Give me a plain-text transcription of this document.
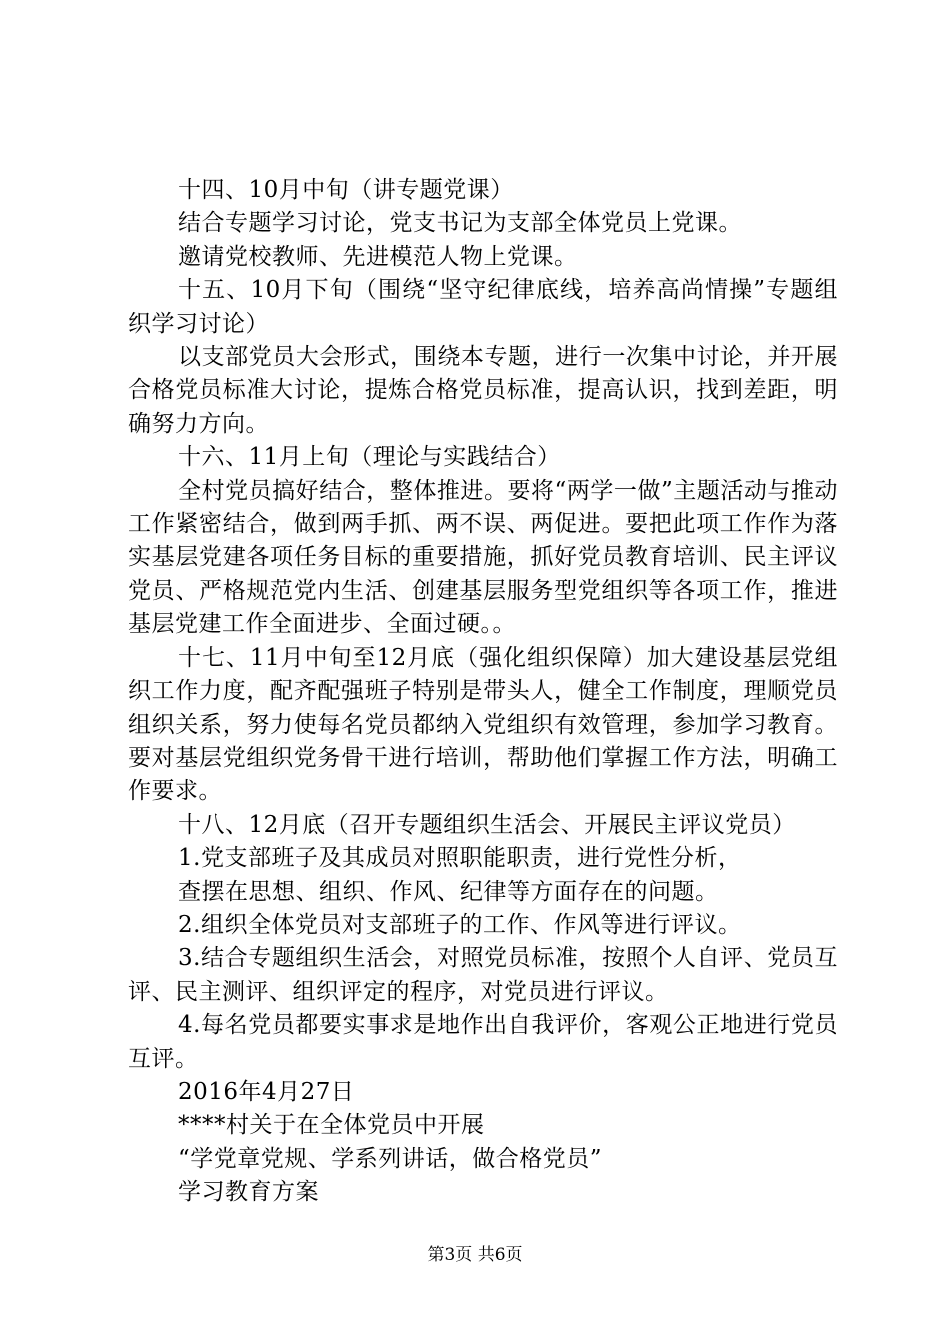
十四、10月中旬（讲专题党课）

结合专题学习讨论，党支书记为支部全体党员上党课。

邀请党校教师、先进模范人物上党课。

十五、10月下旬（围绕“坚守纪律底线，培养高尚情操”专题组织学习讨论）

以支部党员大会形式，围绕本专题，进行一次集中讨论，并开展合格党员标准大讨论，提炼合格党员标准，提高认识，找到差距，明确努力方向。

十六、11月上旬（理论与实践结合）

全村党员搞好结合，整体推进。要将“两学一做”主题活动与推动工作紧密结合，做到两手抓、两不误、两促进。要把此项工作作为落实基层党建各项任务目标的重要措施，抓好党员教育培训、民主评议党员、严格规范党内生活、创建基层服务型党组织等各项工作，推进基层党建工作全面进步、全面过硬。。

十七、11月中旬至12月底（强化组织保障）加大建设基层党组织工作力度，配齐配强班子特别是带头人，健全工作制度，理顺党员组织关系，努力使每名党员都纳入党组织有效管理，参加学习教育。要对基层党组织党务骨干进行培训，帮助他们掌握工作方法，明确工作要求。

十八、12月底（召开专题组织生活会、开展民主评议党员）

1.党支部班子及其成员对照职能职责，进行党性分析，

查摆在思想、组织、作风、纪律等方面存在的问题。

2.组织全体党员对支部班子的工作、作风等进行评议。

3.结合专题组织生活会，对照党员标准，按照个人自评、党员互评、民主测评、组织评定的程序，对党员进行评议。

4.每名党员都要实事求是地作出自我评价，客观公正地进行党员互评。

2016年4月27日

****村关于在全体党员中开展

“学党章党规、学系列讲话，做合格党员”

学习教育方案

第3页 共6页
